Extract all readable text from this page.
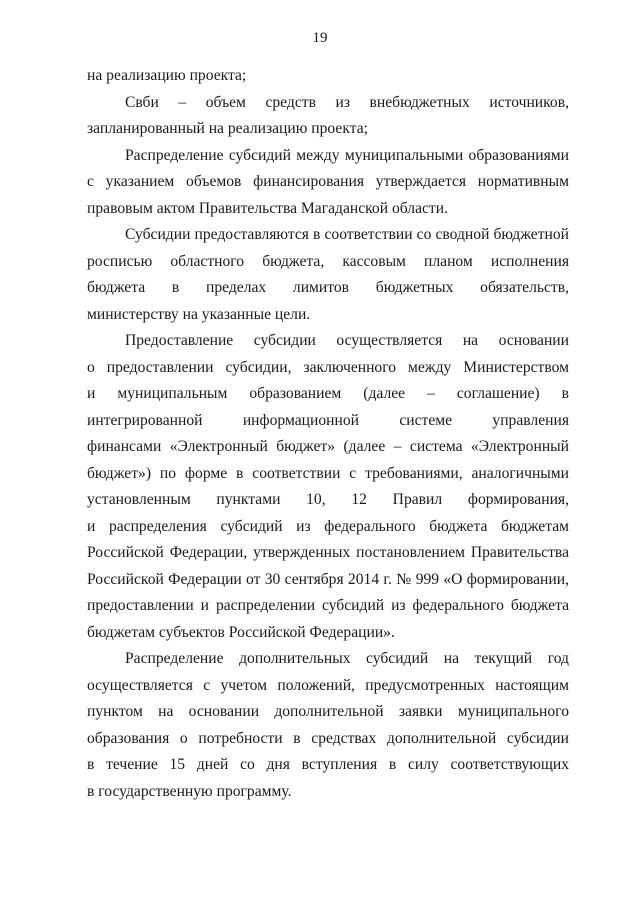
19
на реализацию проекта;
Свби – объем средств из внебюджетных источников,
запланированный на реализацию проекта;
Распределение субсидий между муниципальными образованиями
с указанием объемов финансирования утверждается нормативным
правовым актом Правительства Магаданской области.
Субсидии предоставляются в соответствии со сводной бюджетной
росписью областного бюджета, кассовым планом исполнения
бюджета в пределах лимитов бюджетных обязательств,
министерству на указанные цели.
Предоставление субсидии осуществляется на основании
о предоставлении субсидии, заключенного между Министерством
и муниципальным образованием (далее – соглашение) в
интегрированной информационной системе управления
финансами «Электронный бюджет» (далее – система «Электронный
бюджет») по форме в соответствии с требованиями, аналогичными
установленным пунктами 10, 12 Правил формирования,
и распределения субсидий из федерального бюджета бюджетам
Российской Федерации, утвержденных постановлением Правительства
Российской Федерации от 30 сентября 2014 г. № 999 «О формировании,
предоставлении и распределении субсидий из федерального бюджета
бюджетам субъектов Российской Федерации».
Распределение дополнительных субсидий на текущий год
осуществляется с учетом положений, предусмотренных настоящим
пунктом на основании дополнительной заявки муниципального
образования о потребности в средствах дополнительной субсидии
в течение 15 дней со дня вступления в силу соответствующих
в государственную программу.
